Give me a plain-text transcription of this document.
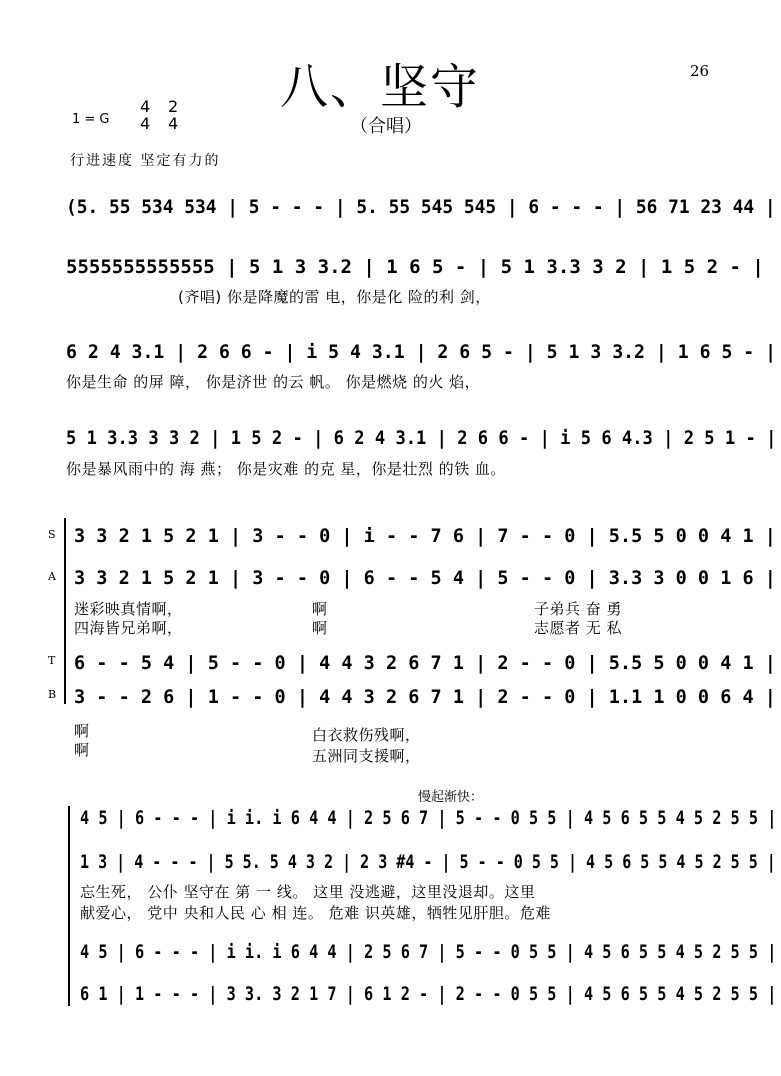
八、坚守	26
（合唱）
1 = G
4
4
2
4
行进速度 坚定有力的
(5. 55 534 534 | 5 - - - | 5. 55 545 545 | 6 - - - | 56 71 23 44 |
5555555555555 | 5 1 3 3.2 | 1 6 5 - | 5 1 3.3 3 2 | 1 5 2 - |
(齐唱) 你是降魔的雷 电，你是化 险的利 剑，
6 2 4 3.1 | 2 6 6 - | i 5 4 3.1 | 2 6 5 - | 5 1 3 3.2 | 1 6 5 - |
你是生命 的屏 障， 你是济世 的云 帆。 你是燃烧 的火 焰，
5 1 3.3 3 3 2 | 1 5 2 - | 6 2 4 3.1 | 2 6 6 - | i 5 6 4.3 | 2 5 1 - |
你是暴风雨中的 海 燕； 你是灾难 的克 星，你是壮烈 的铁 血。
S
A
T
B
3 3 2 1 5 2 1 | 3 - - 0 | i - - 7 6 | 7 - - 0 | 5.5 5 0 0 4 1 |
3 3 2 1 5 2 1 | 3 - - 0 | 6 - - 5 4 | 5 - - 0 | 3.3 3 0 0 1 6 |
迷彩映真情啊，
四海皆兄弟啊，
啊
啊
子弟兵 奋 勇
志愿者 无 私
6 - - 5 4 | 5 - - 0 | 4 4 3 2 6 7 1 | 2 - - 0 | 5.5 5 0 0 4 1 |
3 - - 2 6 | 1 - - 0 | 4 4 3 2 6 7 1 | 2 - - 0 | 1.1 1 0 0 6 4 |
啊
啊
白衣救伤残啊，
五洲同支援啊，
慢起渐快：
4 5 | 6 - - - | i i. i 6 4 4 | 2 5 6 7 | 5 - - 0 5 5 | 4 5 6 5 5 4 5 2 5 5 |
1 3 | 4 - - - | 5 5. 5 4 3 2 | 2 3 #4 - | 5 - - 0 5 5 | 4 5 6 5 5 4 5 2 5 5 |
忘生死， 公仆 坚守在 第 一 线。 这里 没逃避，这里没退却。这里
献爱心， 党中 央和人民 心 相 连。 危难 识英雄，牺牲见肝胆。危难
4 5 | 6 - - - | i i. i 6 4 4 | 2 5 6 7 | 5 - - 0 5 5 | 4 5 6 5 5 4 5 2 5 5 |
6 1 | 1 - - - | 3 3. 3 2 1 7 | 6 1 2 - | 2 - - 0 5 5 | 4 5 6 5 5 4 5 2 5 5 |
